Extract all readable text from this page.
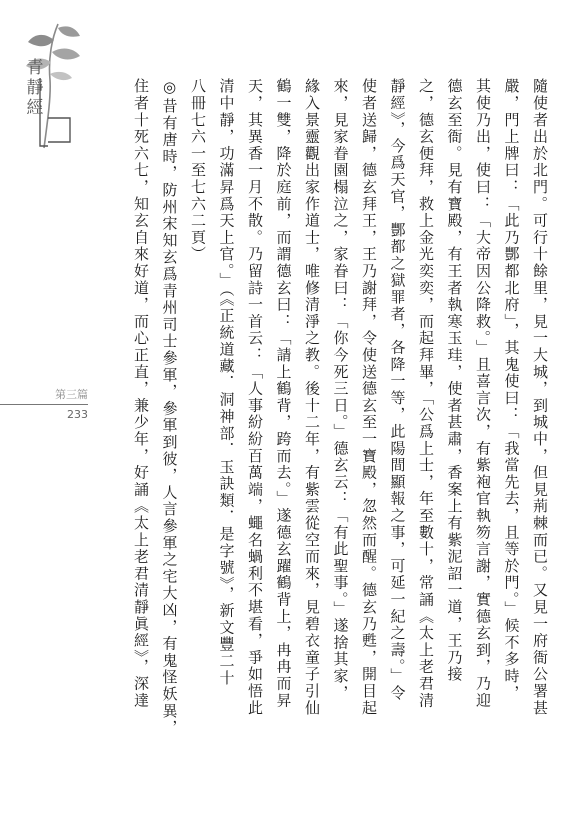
青靜經
第三篇
233	隨使者出於北門。可行十餘里，見一大城，到城中，但見荊棘而已。又見一府衙公署甚
嚴，門上牌曰：「此乃酆都北府」，其鬼使曰：「我當先去，且等於門。」候不多時，
其使乃出，使曰：「大帝因公降救。」且喜言次，有紫袍官執笏言謝，實德玄到，乃迎
德玄至衙。見有寶殿，有王者執寒玉珪，使者甚肅，香案上有紫泥詔一道，王乃接
之，德玄便拜，救上金光奕奕，而起拜畢，「公爲上士，年至數十，常誦《太上老君清
靜經》，今爲天官，酆都之獄罪者，各降一等，此陽間顯報之事，可延一紀之壽。」令
使者送歸，德玄拜王，王乃謝拜，令使送德玄至一寶殿，忽然而醒。德玄乃甦，開目起
來，見家眷園榻泣之，家眷曰：「你今死三日。」德玄云：「有此聖事。」遂捨其家，
緣入景靈觀出家作道士，唯修清淨之教。後十二年，有紫雲從空而來，見碧衣童子引仙
鶴一雙，降於庭前，而謂德玄曰：「請上鶴背，跨而去。」遂德玄躍鶴背上，冉冉而昇
天，其異香一月不散。乃留詩一首云：「人事紛紛百萬端，蠅名蝸利不堪看，爭如悟此
清中靜，功滿昇爲天上官。」（《正統道藏．洞神部．玉訣類．是字號》，新文豐二十
八冊七六一至七六二頁）
◎昔有唐時，防州宋知玄爲青州司士參軍，參軍到彼，人言參軍之宅大凶，有鬼怪妖異，
住者十死六七，知玄自來好道，而心正直，兼少年，好誦《太上老君清靜眞經》，深達
